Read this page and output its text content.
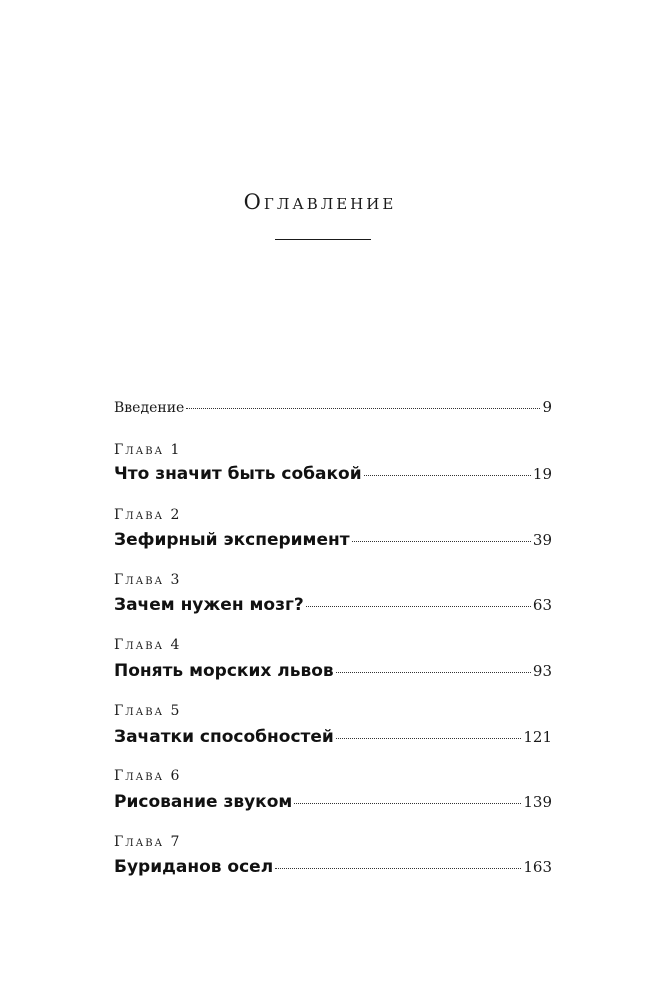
Оглавление
Введение	9
Глава 1
Что значит быть собакой	19
Глава 2
Зефирный эксперимент	39
Глава 3
Зачем нужен мозг?	63
Глава 4
Понять морских львов	93
Глава 5
Зачатки способностей	121
Глава 6
Рисование звуком	139
Глава 7
Буриданов осел	163
